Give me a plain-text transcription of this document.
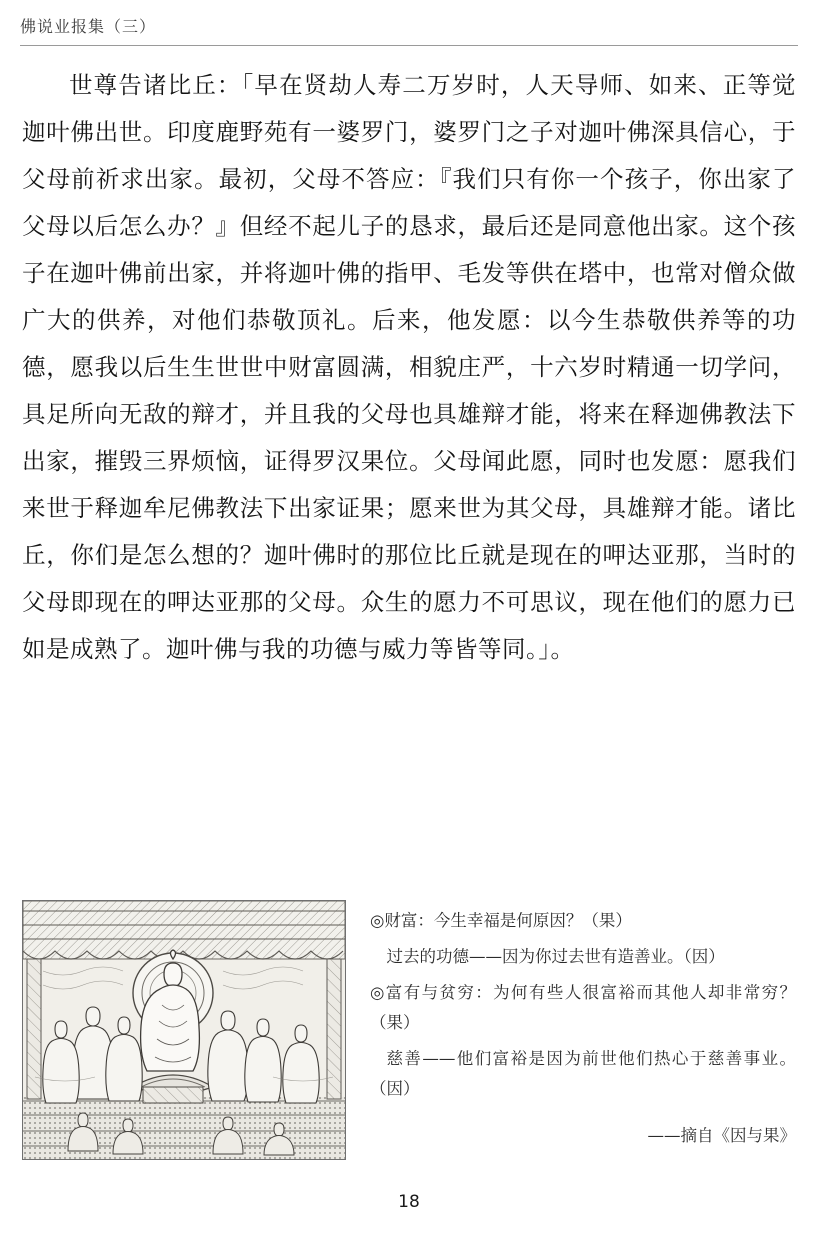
佛说业报集（三）

世尊告诸比丘：「早在贤劫人寿二万岁时，人天导师、如来、正等觉迦叶佛出世。印度鹿野苑有一婆罗门，婆罗门之子对迦叶佛深具信心，于父母前祈求出家。最初，父母不答应：『我们只有你一个孩子，你出家了父母以后怎么办？』但经不起儿子的恳求，最后还是同意他出家。这个孩子在迦叶佛前出家，并将迦叶佛的指甲、毛发等供在塔中，也常对僧众做广大的供养，对他们恭敬顶礼。后来，他发愿：以今生恭敬供养等的功德，愿我以后生生世世中财富圆满，相貌庄严，十六岁时精通一切学问，具足所向无敌的辩才，并且我的父母也具雄辩才能，将来在释迦佛教法下出家，摧毁三界烦恼，证得罗汉果位。父母闻此愿，同时也发愿：愿我们来世于释迦牟尼佛教法下出家证果；愿来世为其父母，具雄辩才能。诸比丘，你们是怎么想的？迦叶佛时的那位比丘就是现在的呷达亚那，当时的父母即现在的呷达亚那的父母。众生的愿力不可思议，现在他们的愿力已如是成熟了。迦叶佛与我的功德与威力等皆等同。」。

◎财富：今生幸福是何原因？（果）

过去的功德——因为你过去世有造善业。（因）

◎富有与贫穷：为何有些人很富裕而其他人却非常穷？（果）

慈善——他们富裕是因为前世他们热心于慈善事业。（因）

——摘自《因与果》
18
